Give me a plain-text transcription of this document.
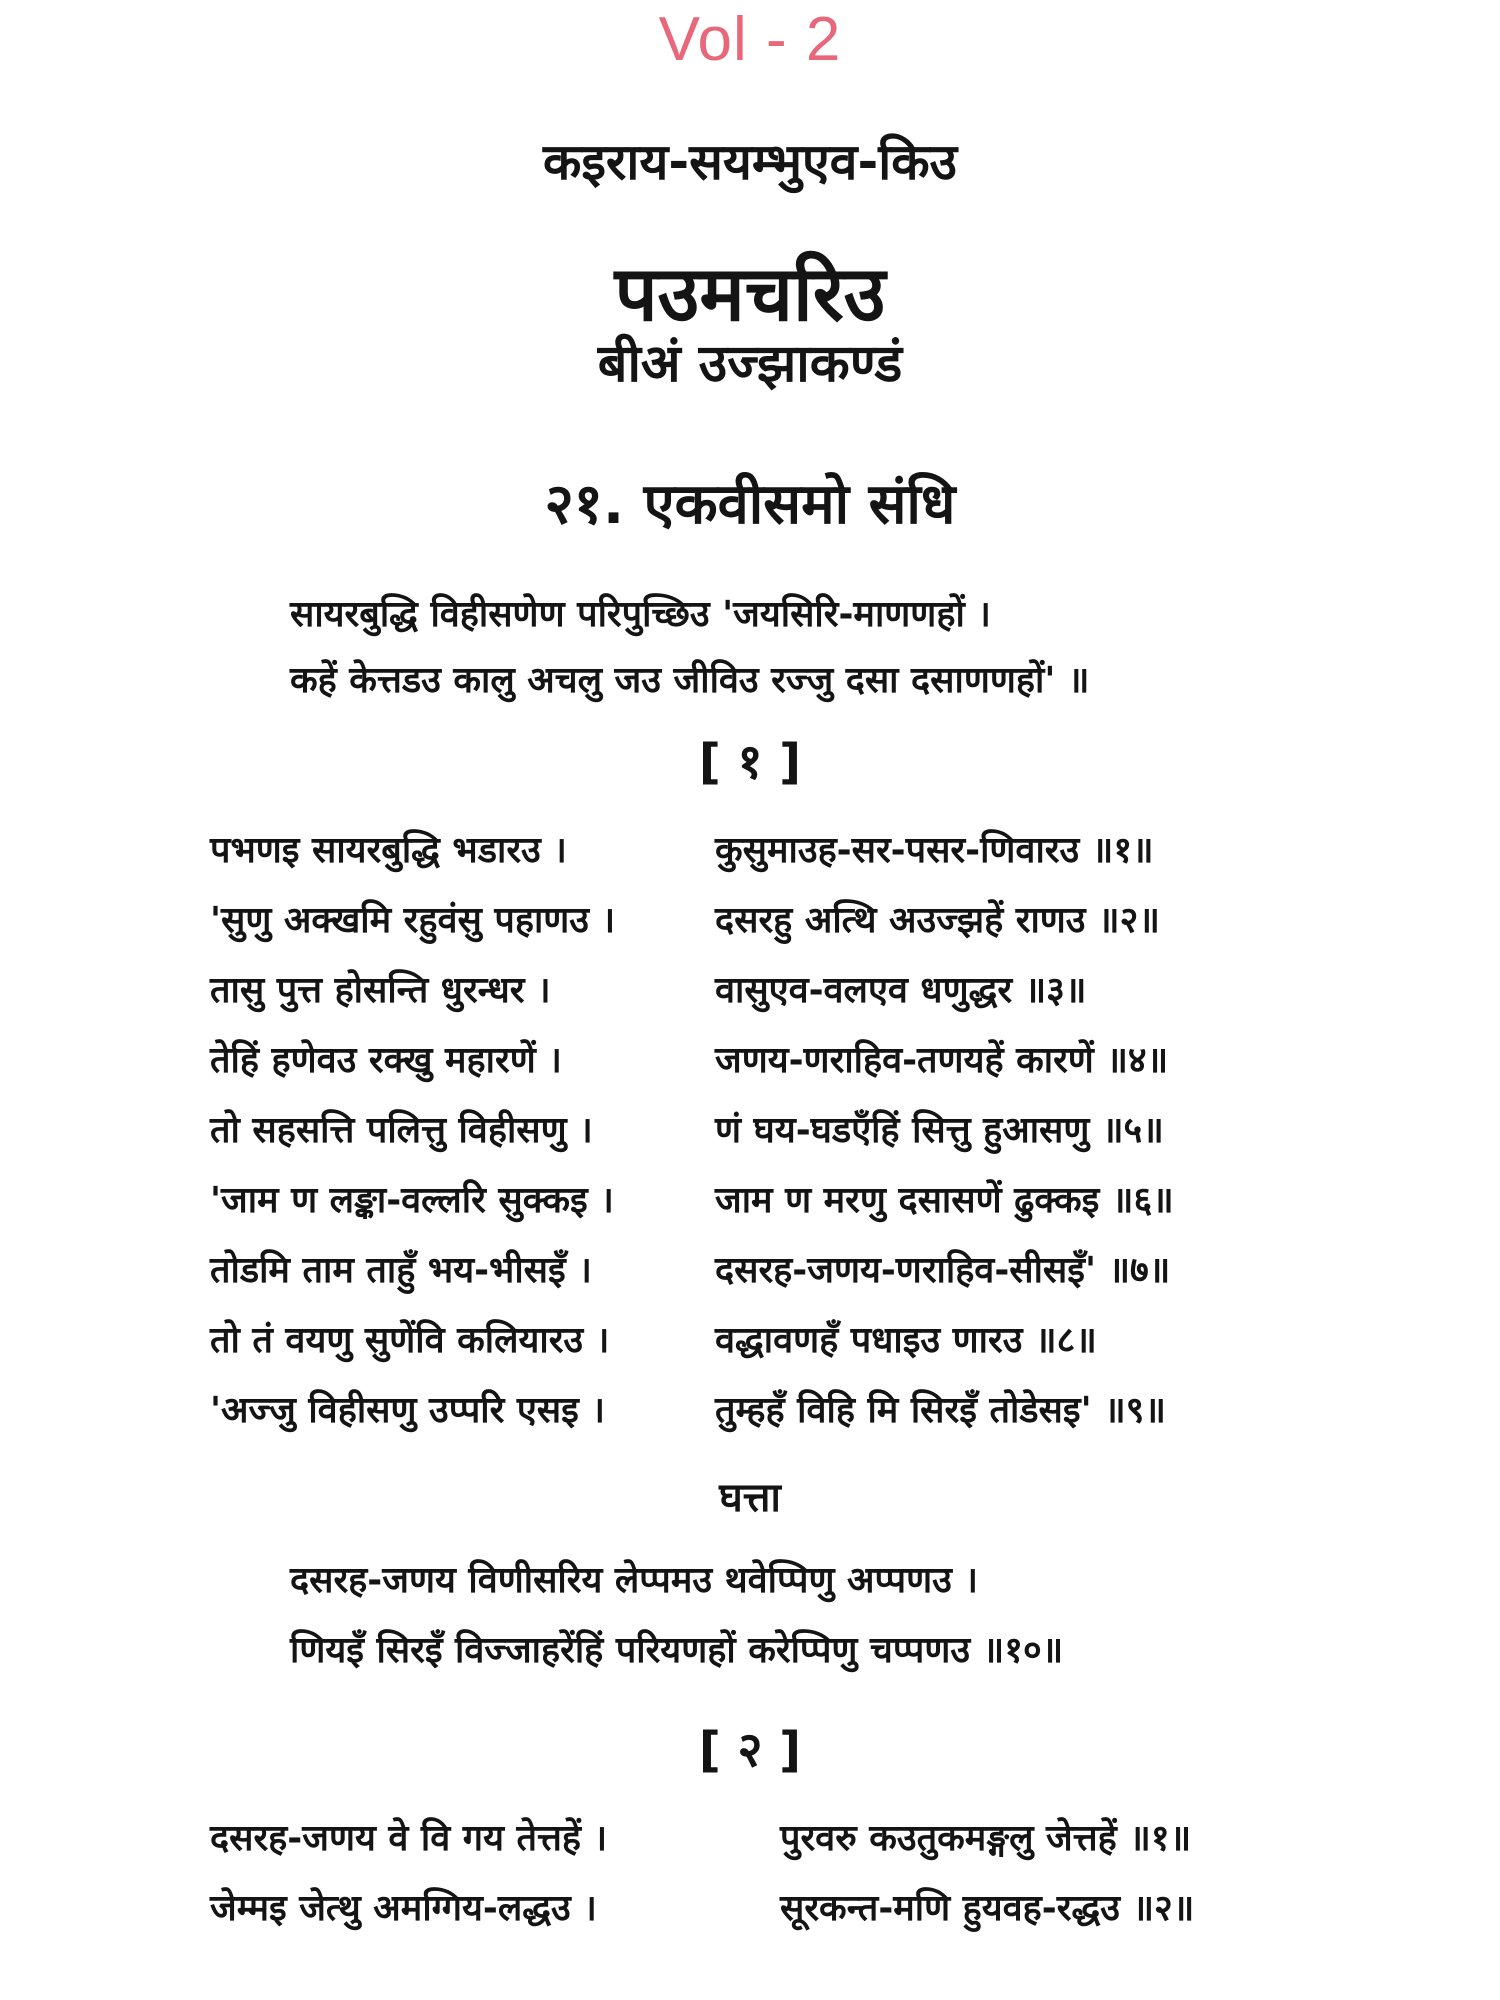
Vol - 2
कइराय-सयम्भुएव-किउ
पउमचरिउ
बीअं उज्झाकण्डं
२१. एकवीसमो संधि
सायरबुद्धि विहीसणेण परिपुच्छिउ 'जयसिरि-माणणहों ।
कहें केत्तडउ कालु अचलु जउ जीविउ रज्जु दसा दसाणणहों' ॥
[ १ ]
पभणइ सायरबुद्धि भडारउ ।	कुसुमाउह-सर-पसर-णिवारउ ॥१॥
'सुणु अक्खमि रहुवंसु पहाणउ ।	दसरहु अत्थि अउज्झहें राणउ ॥२॥
तासु पुत्त होसन्ति धुरन्धर ।	वासुएव-वलएव धणुद्धर ॥३॥
तेहिं हणेवउ रक्खु महारणें ।	जणय-णराहिव-तणयहें कारणें ॥४॥
तो सहसत्ति पलित्तु विहीसणु ।	णं घय-घडएँहिं सित्तु हुआसणु ॥५॥
'जाम ण लङ्का-वल्लरि सुक्कइ ।	जाम ण मरणु दसासणें ढुक्कइ ॥६॥
तोडमि ताम ताहुँ भय-भीसइँ ।	दसरह-जणय-णराहिव-सीसइँ' ॥७॥
तो तं वयणु सुणेंवि कलियारउ ।	वद्धावणहँ पधाइउ णारउ ॥८॥
'अज्जु विहीसणु उप्परि एसइ ।	तुम्हहँ विहि मि सिरइँ तोडेसइ' ॥९॥
घत्ता
दसरह-जणय विणीसरिय लेप्पमउ थवेप्पिणु अप्पणउ ।
णियइँ सिरइँ विज्जाहरेंहिं परियणहों करेप्पिणु चप्पणउ ॥१०॥
[ २ ]
दसरह-जणय वे वि गय तेत्तहें ।	पुरवरु कउतुकमङ्गलु जेत्तहें ॥१॥
जेम्मइ जेत्थु अमग्गिय-लद्धउ ।	सूरकन्त-मणि हुयवह-रद्धउ ॥२॥
